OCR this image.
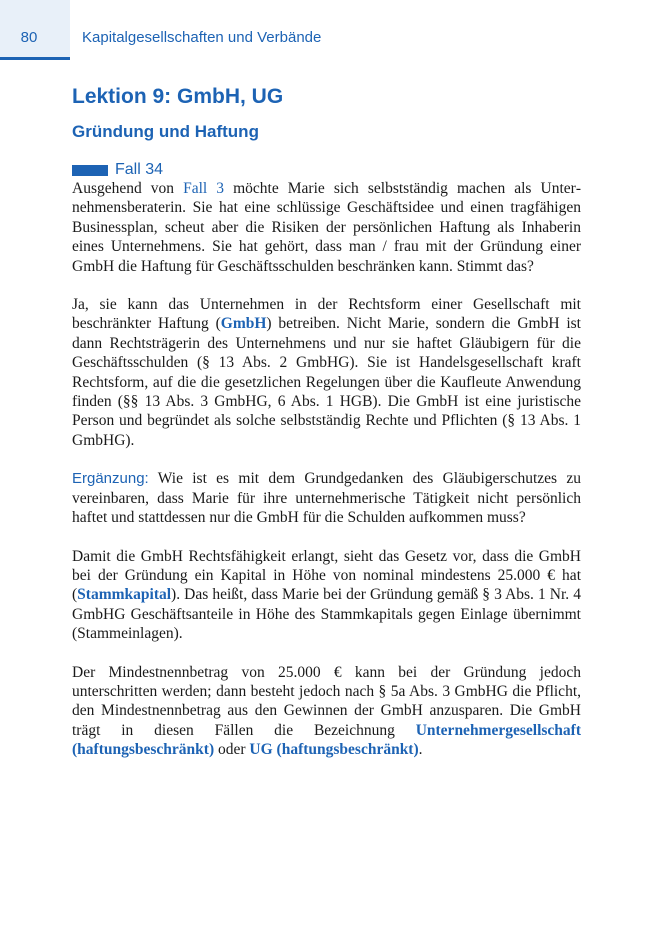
80	Kapitalgesellschaften und Verbände
Lektion 9: GmbH, UG
Gründung und Haftung
Fall 34

Ausgehend von Fall 3 möchte Marie sich selbstständig machen als Unternehmensberaterin. Sie hat eine schlüssige Geschäftsidee und einen tragfähigen Businessplan, scheut aber die Risiken der persönlichen Haftung als Inhaberin eines Unternehmens. Sie hat gehört, dass man / frau mit der Gründung einer GmbH die Haftung für Geschäftsschulden beschränken kann. Stimmt das?

Ja, sie kann das Unternehmen in der Rechtsform einer Gesellschaft mit beschränkter Haftung (GmbH) betreiben. Nicht Marie, sondern die GmbH ist dann Rechtsträgerin des Unternehmens und nur sie haftet Gläubigern für die Geschäftsschulden (§ 13 Abs. 2 GmbHG). Sie ist Handelsgesellschaft kraft Rechtsform, auf die die gesetzlichen Regelungen über die Kaufleute Anwendung finden (§§ 13 Abs. 3 GmbHG, 6 Abs. 1 HGB). Die GmbH ist eine juristische Person und begründet als solche selbstständig Rechte und Pflichten (§ 13 Abs. 1 GmbHG).

Ergänzung: Wie ist es mit dem Grundgedanken des Gläubigerschutzes zu vereinbaren, dass Marie für ihre unternehmerische Tätigkeit nicht persönlich haftet und stattdessen nur die GmbH für die Schulden aufkommen muss?

Damit die GmbH Rechtsfähigkeit erlangt, sieht das Gesetz vor, dass die GmbH bei der Gründung ein Kapital in Höhe von nominal mindestens 25.000 € hat (Stammkapital). Das heißt, dass Marie bei der Gründung gemäß § 3 Abs. 1 Nr. 4 GmbHG Geschäftsanteile in Höhe des Stammkapitals gegen Einlage übernimmt (Stammeinlagen).

Der Mindestnennbetrag von 25.000 € kann bei der Gründung jedoch unterschritten werden; dann besteht jedoch nach § 5a Abs. 3 GmbHG die Pflicht, den Mindestnennbetrag aus den Gewinnen der GmbH anzusparen. Die GmbH trägt in diesen Fällen die Bezeichnung Unternehmergesellschaft (haftungsbeschränkt) oder UG (haftungsbeschränkt).
